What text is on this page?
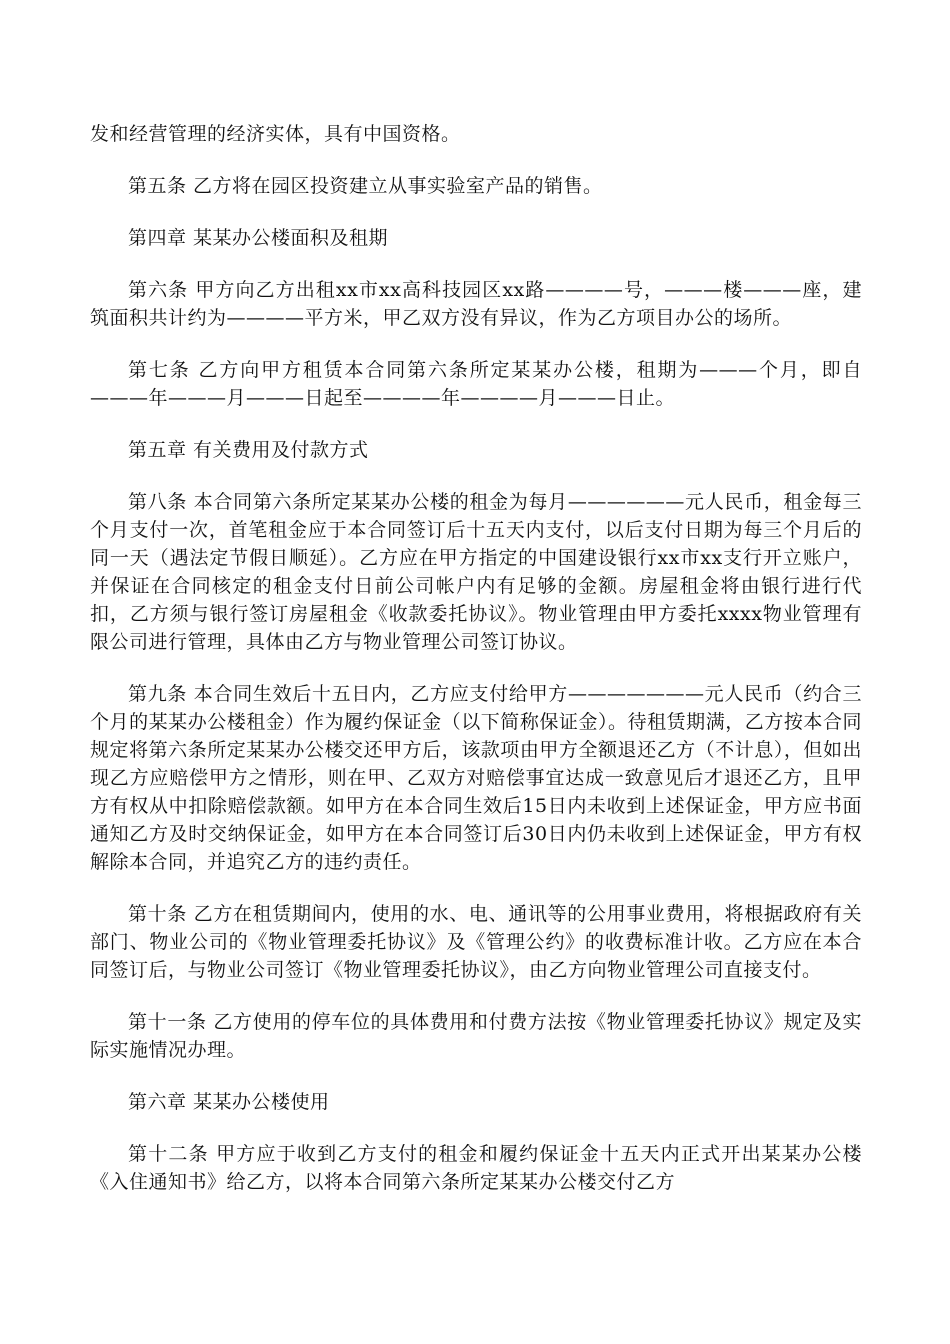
发和经营管理的经济实体，具有中国资格。

第五条 乙方将在园区投资建立从事实验室产品的销售。

第四章 某某办公楼面积及租期

第六条 甲方向乙方出租xx市xx高科技园区xx路————号，———楼———座，建筑面积共计约为————平方米，甲乙双方没有异议，作为乙方项目办公的场所。

第七条 乙方向甲方租赁本合同第六条所定某某办公楼，租期为———个月，即自———年———月———日起至————年————月———日止。

第五章 有关费用及付款方式

第八条 本合同第六条所定某某办公楼的租金为每月——————元人民币，租金每三个月支付一次，首笔租金应于本合同签订后十五天内支付，以后支付日期为每三个月后的同一天（遇法定节假日顺延）。乙方应在甲方指定的中国建设银行xx市xx支行开立账户，并保证在合同核定的租金支付日前公司帐户内有足够的金额。房屋租金将由银行进行代扣，乙方须与银行签订房屋租金《收款委托协议》。物业管理由甲方委托xxxx物业管理有限公司进行管理，具体由乙方与物业管理公司签订协议。

第九条 本合同生效后十五日内，乙方应支付给甲方———————元人民币（约合三个月的某某办公楼租金）作为履约保证金（以下简称保证金）。待租赁期满，乙方按本合同规定将第六条所定某某办公楼交还甲方后，该款项由甲方全额退还乙方（不计息），但如出现乙方应赔偿甲方之情形，则在甲、乙双方对赔偿事宜达成一致意见后才退还乙方，且甲方有权从中扣除赔偿款额。如甲方在本合同生效后15日内未收到上述保证金，甲方应书面通知乙方及时交纳保证金，如甲方在本合同签订后30日内仍未收到上述保证金，甲方有权解除本合同，并追究乙方的违约责任。

第十条 乙方在租赁期间内，使用的水、电、通讯等的公用事业费用，将根据政府有关部门、物业公司的《物业管理委托协议》及《管理公约》的收费标准计收。乙方应在本合同签订后，与物业公司签订《物业管理委托协议》，由乙方向物业管理公司直接支付。

第十一条 乙方使用的停车位的具体费用和付费方法按《物业管理委托协议》规定及实际实施情况办理。

第六章 某某办公楼使用

第十二条 甲方应于收到乙方支付的租金和履约保证金十五天内正式开出某某办公楼《入住通知书》给乙方，以将本合同第六条所定某某办公楼交付乙方
